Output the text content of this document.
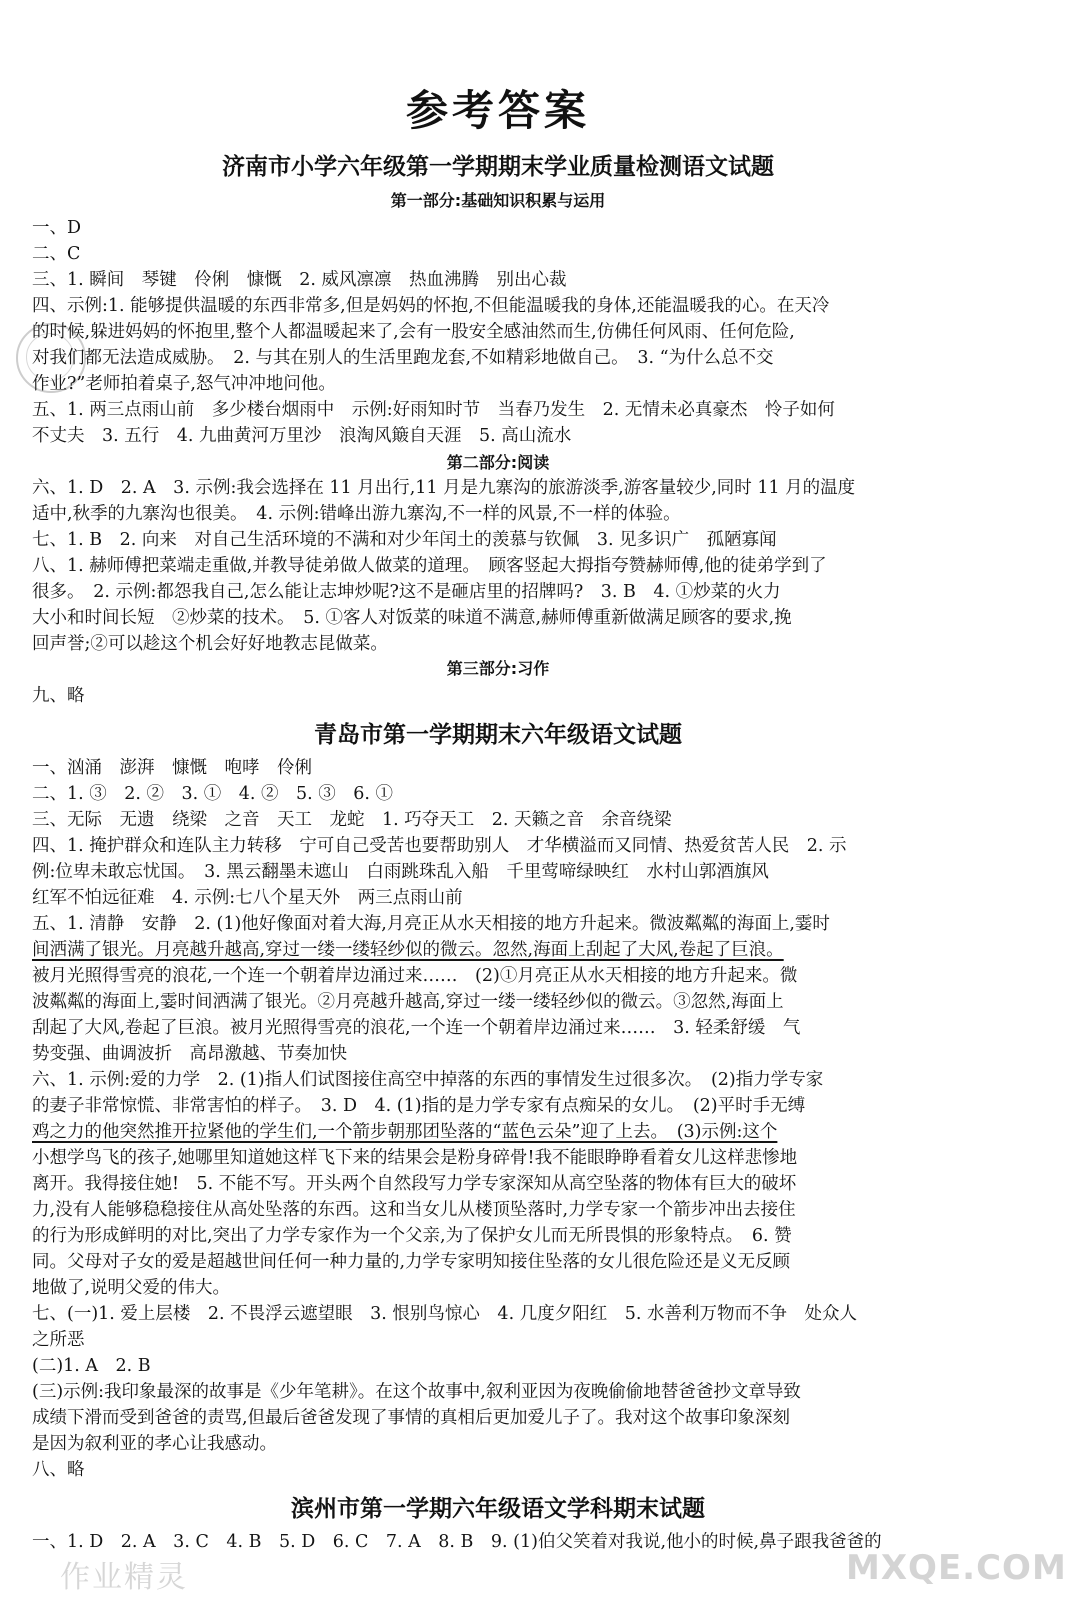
参考答案
济南市小学六年级第一学期期末学业质量检测语文试题
第一部分:基础知识积累与运用
一、D
二、C
三、1. 瞬间　琴键　伶俐　慷慨　2. 威风凛凛　热血沸腾　别出心裁
四、示例:1. 能够提供温暖的东西非常多,但是妈妈的怀抱,不但能温暖我的身体,还能温暖我的心。在天冷
的时候,躲进妈妈的怀抱里,整个人都温暖起来了,会有一股安全感油然而生,仿佛任何风雨、任何危险,
对我们都无法造成威胁。　2. 与其在别人的生活里跑龙套,不如精彩地做自己。　3. “为什么总不交
作业?”老师拍着桌子,怒气冲冲地问他。
五、1. 两三点雨山前　多少楼台烟雨中　示例:好雨知时节　当春乃发生　2. 无情未必真豪杰　怜子如何
不丈夫　3. 五行　4. 九曲黄河万里沙　浪淘风簸自天涯　5. 高山流水
第二部分:阅读
六、1. D　2. A　3. 示例:我会选择在 11 月出行,11 月是九寨沟的旅游淡季,游客量较少,同时 11 月的温度
适中,秋季的九寨沟也很美。　4. 示例:错峰出游九寨沟,不一样的风景,不一样的体验。
七、1. B　2. 向来　对自己生活环境的不满和对少年闰土的羡慕与钦佩　3. 见多识广　孤陋寡闻
八、1. 赫师傅把菜端走重做,并教导徒弟做人做菜的道理。　顾客竖起大拇指夸赞赫师傅,他的徒弟学到了
很多。　2. 示例:都怨我自己,怎么能让志坤炒呢?这不是砸店里的招牌吗?　3. B　4. ①炒菜的火力
大小和时间长短　②炒菜的技术。　5. ①客人对饭菜的味道不满意,赫师傅重新做满足顾客的要求,挽
回声誉;②可以趁这个机会好好地教志昆做菜。
第三部分:习作
九、略
青岛市第一学期期末六年级语文试题
一、汹涌　澎湃　慷慨　咆哮　伶俐
二、1. ③　2. ②　3. ①　4. ②　5. ③　6. ①
三、无际　无遗　绕梁　之音　天工　龙蛇　1. 巧夺天工　2. 天籁之音　余音绕梁
四、1. 掩护群众和连队主力转移　宁可自己受苦也要帮助别人　才华横溢而又同情、热爱贫苦人民　2. 示
例:位卑未敢忘忧国。　3. 黑云翻墨未遮山　白雨跳珠乱入船　千里莺啼绿映红　水村山郭酒旗风
红军不怕远征难　4. 示例:七八个星天外　两三点雨山前
五、1. 清静　安静　2. (1)他好像面对着大海,月亮正从水天相接的地方升起来。微波粼粼的海面上,霎时
间洒满了银光。月亮越升越高,穿过一缕一缕轻纱似的微云。忽然,海面上刮起了大风,卷起了巨浪。
被月光照得雪亮的浪花,一个连一个朝着岸边涌过来……　(2)①月亮正从水天相接的地方升起来。微
波粼粼的海面上,霎时间洒满了银光。②月亮越升越高,穿过一缕一缕轻纱似的微云。③忽然,海面上
刮起了大风,卷起了巨浪。被月光照得雪亮的浪花,一个连一个朝着岸边涌过来……　3. 轻柔舒缓　气
势变强、曲调波折　高昂激越、节奏加快
六、1. 示例:爱的力学　2. (1)指人们试图接住高空中掉落的东西的事情发生过很多次。　(2)指力学专家
的妻子非常惊慌、非常害怕的样子。　3. D　4. (1)指的是力学专家有点痴呆的女儿。　(2)平时手无缚
鸡之力的他突然推开拉紧他的学生们,一个箭步朝那团坠落的“蓝色云朵”迎了上去。　(3)示例:这个
小想学鸟飞的孩子,她哪里知道她这样飞下来的结果会是粉身碎骨!我不能眼睁睁看着女儿这样悲惨地
离开。我得接住她!　5. 不能不写。开头两个自然段写力学专家深知从高空坠落的物体有巨大的破坏
力,没有人能够稳稳接住从高处坠落的东西。这和当女儿从楼顶坠落时,力学专家一个箭步冲出去接住
的行为形成鲜明的对比,突出了力学专家作为一个父亲,为了保护女儿而无所畏惧的形象特点。　6. 赞
同。父母对子女的爱是超越世间任何一种力量的,力学专家明知接住坠落的女儿很危险还是义无反顾
地做了,说明父爱的伟大。
七、(一)1. 爱上层楼　2. 不畏浮云遮望眼　3. 恨别鸟惊心　4. 几度夕阳红　5. 水善利万物而不争　处众人
之所恶
(二)1. A　2. B
(三)示例:我印象最深的故事是《少年笔耕》。在这个故事中,叙利亚因为夜晚偷偷地替爸爸抄文章导致
成绩下滑而受到爸爸的责骂,但最后爸爸发现了事情的真相后更加爱儿子了。我对这个故事印象深刻
是因为叙利亚的孝心让我感动。
八、略
滨州市第一学期六年级语文学科期末试题
一、1. D　2. A　3. C　4. B　5. D　6. C　7. A　8. B　9. (1)伯父笑着对我说,他小的时候,鼻子跟我爸爸的
作业精灵	MXQE.COM
